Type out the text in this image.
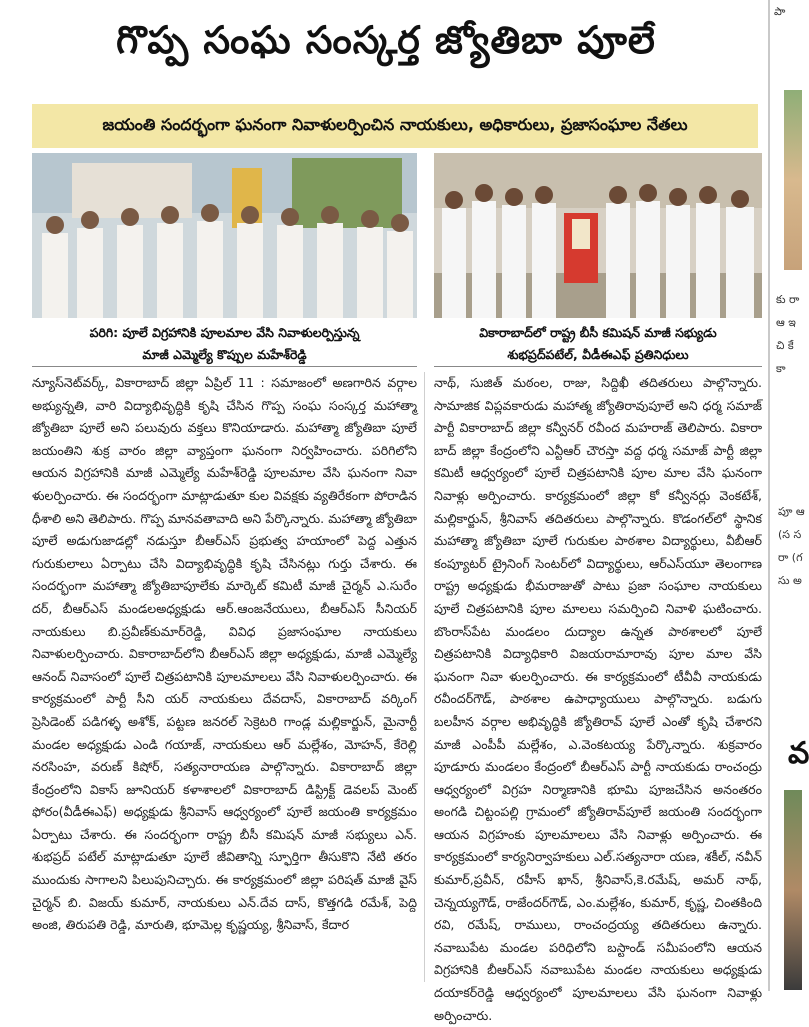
గొప్ప సంఘ సంస్కర్త జ్యోతిబా పూలే
జయంతి సందర్భంగా ఘనంగా నివాళులర్పించిన నాయకులు, అధికారులు, ప్రజాసంఘాల నేతలు
పరిగి: పూలే విగ్రహానికి పూలమాల వేసి నివాళులర్పిస్తున్న
మాజీ ఎమ్మెల్యే కొప్పుల మహేశ్‌రెడ్డి
వికారాబాద్‌లో రాష్ట్ర బీసీ కమిషన్ మాజీ సభ్యుడు
శుభప్రద్‌పటేల్, వీడీఈఎఫ్ ప్రతినిధులు
న్యూస్‌నెట్‌వర్క్, వికారాబాద్ జిల్లా ఏప్రిల్ 11 : సమాజంలో అణగారిన వర్గాల అభ్యున్నతి, వారి విద్యాభివృద్ధికి కృషి చేసిన గొప్ప సంఘ సంస్కర్త మహాత్మా జ్యోతిబా పూలే అని పలువురు వక్తలు కొనియాడారు. మహాత్మా జ్యోతిబా పూలే జయంతిని శుక్ర వారం జిల్లా వ్యాప్తంగా ఘనంగా నిర్వహించారు. పరిగిలోని ఆయన విగ్రహానికి మాజీ ఎమ్మెల్యే మహేశ్‌రెడ్డి పూలమాల వేసి ఘనంగా నివా ళులర్పించారు. ఈ సందర్భంగా మాట్లాడుతూ కుల వివక్షకు వ్యతిరేకంగా పోరాడిన ధీశాలి అని తెలిపారు. గొప్ప మానవతావాది అని పేర్కొన్నారు. మహాత్మా జ్యోతిబా పూలే అడుగుజాడల్లో నడుస్తూ బీఆర్‌ఎస్ ప్రభుత్వ హయాంలో పెద్ద ఎత్తున గురుకులాలు ఏర్పాటు చేసి విద్యాభివృద్ధికి కృషి చేసినట్లు గుర్తు చేశారు. ఈ సందర్భంగా మహాత్మా జ్యోతిబాపూలేకు మార్కెట్ కమిటీ మాజీ చైర్మన్ ఎ.సురేం దర్, బీఆర్‌ఎస్ మండలఅధ్యక్షుడు ఆర్.ఆంజనేయులు, బీఆర్‌ఎస్ సీనియర్ నాయకులు బి.ప్రవీణ్‌కుమార్‌రెడ్డి, వివిధ ప్రజాసంఘాల నాయకులు నివాళులర్పించారు. వికారాబాద్‌లోని బీఆర్‌ఎస్ జిల్లా అధ్యక్షుడు, మాజీ ఎమ్మెల్యే ఆనంద్ నివాసంలో పూలే చిత్రపటానికి పూలమాలలు వేసి నివాళులర్పించారు. ఈ కార్యక్రమంలో పార్టీ సీని యర్ నాయకులు దేవదాస్, వికారాబాద్ వర్కింగ్ ప్రెసిడెంట్ పడిగళ్ళ అశోక్, పట్టణ జనరల్ సెక్రెటరి గాండ్ల మల్లికార్జున్, మైనార్టీ మండల అధ్యక్షుడు ఎండి గయాజ్, నాయకులు ఆర్ మల్లేశం, మోహన్, కేరెల్లి నరసింహ, వరుణ్ కిషోర్, సత్యనారాయణ పాల్గొన్నారు. వికారాబాద్ జిల్లా కేంద్రంలోని వికాస్ జూనియర్ కళాశాలలో వికారాబాద్ డిస్ట్రిక్ట్ డెవలప్ మెంట్ ఫోరం(వీడీఈఎఫ్) అధ్యక్షుడు శ్రీనివాస్ ఆధ్వర్యంలో పూలే జయంతి కార్యక్రమం ఏర్పాటు చేశారు. ఈ సందర్భంగా రాష్ట్ర బీసీ కమిషన్ మాజీ సభ్యులు ఎన్. శుభప్రద్ పటేల్ మాట్లాడుతూ పూలే జీవితాన్ని స్ఫూర్తిగా తీసుకొని నేటి తరం ముందుకు సాగాలని పిలుపునిచ్చారు. ఈ కార్యక్రమంలో జిల్లా పరిషత్ మాజీ వైస్ చైర్మన్ బి. విజయ్ కుమార్, నాయకులు ఎన్.దేవ దాస్, కొత్తగడి రమేశ్, పెద్ది అంజి, తిరుపతి రెడ్డి, మారుతి, భూమెల్ల కృష్ణయ్య, శ్రీనివాస్, కేదార
నాథ్, సుజిత్ మఠంల, రాజు, సిద్దిఖీ తదితరులు పాల్గొన్నారు. సామాజిక విప్లవకారుడు మహాత్మ జ్యోతిరావుపూలే అని ధర్మ సమాజ్ పార్టీ వికారాబాద్ జిల్లా కన్వీనర్ రవీంద మహరాజ్ తెలిపారు. వికారా బాద్ జిల్లా కేంద్రంలోని ఎన్టీఆర్ చౌరస్తా వద్ద ధర్మ సమాజ్ పార్టీ జిల్లా కమిటీ ఆధ్వర్యంలో పూలే చిత్రపటానికి పూల మాల వేసి ఘనంగా నివాళ్లు అర్పించారు. కార్యక్రమంలో జిల్లా కో కన్వీనర్లు వెంకటేశ్, మల్లికార్జున్, శ్రీనివాస్ తదితరులు పాల్గొన్నారు. కొడంగల్‌లో స్థానిక మహాత్మా జ్యోతిబా పూలే గురుకుల పాఠశాల విద్యార్థులు, వీబీఆర్ కంప్యూటర్ ట్రైనింగ్ సెంటర్‌లో విద్యార్థులు, ఆర్‌ఎస్‌యూ తెలంగాణ రాష్ట్ర అధ్యక్షుడు భీమరాజుతో పాటు ప్రజా సంఘాల నాయకులు పూలే చిత్రపటానికి పూల మాలలు సమర్పించి నివాళి ఘటించారు. బొంరాస్‌పేట మండలం దుద్యాల ఉన్నత పాఠశాలలో పూలే చిత్రపటానికి విద్యాధికారి విజయరామారావు పూల మాల వేసి ఘనంగా నివా ళులర్పించారు. ఈ కార్యక్రమంలో టీవీవీ నాయకుడు రవీందర్‌గౌడ్, పాఠశాల ఉపాధ్యాయులు పాల్గొన్నారు. బడుగు బలహీన వర్గాల అభివృద్ధికి జ్యోతిరావ్ పూలే ఎంతో కృషి చేశారని మాజీ ఎంపీపీ మల్లేశం, ఎ.వెంకటయ్య పేర్కొన్నారు. శుక్రవారం పూడూరు మండలం కేంద్రంలో బీఆర్‌ఎస్ పార్టీ నాయకుడు రాంచంద్రు ఆధ్వర్యంలో విగ్రహ నిర్మాణానికి భూమి పూజచేసిన అనంతరం అంగడి చిట్టంపల్లి గ్రామంలో జ్యోతిరావ్‌పూలే జయంతి సందర్భంగా ఆయన విగ్రహంకు పూలమాలలు వేసి నివాళ్లు అర్పించారు. ఈ కార్యక్రమంలో కార్యనిర్వాహకులు ఎల్.సత్యనారా యణ, శకీల్, నవీన్ కుమార్,ప్రవీన్, రహీస్ ఖాన్, శ్రీనివాస్,కె.రమేష్, అమర్ నాథ్, చెన్నయ్యగౌడ్, రాజేందర్‌గౌడ్, ఎం.మల్లేశం, కుమార్, కృష్ణ, చింతకింది రవి, రమేష్, రాములు, రాంచంద్రయ్య తదితరులు ఉన్నారు. నవాబుపేట మండల పరిధిలోని బస్టాండ్ సమీపంలోని ఆయన విగ్రహానికి బీఆర్‌ఎస్ నవాబుపేట మండల నాయకులు అధ్యక్షుడు దయాకర్‌రెడ్డి ఆధ్వర్యంలో పూలమాలలు వేసి ఘనంగా నివాళ్లు అర్పించారు.
పా
కు రా ఆ ఇ చి కే కా
పూ ఆ (స స రా (గ సు అ
వ
